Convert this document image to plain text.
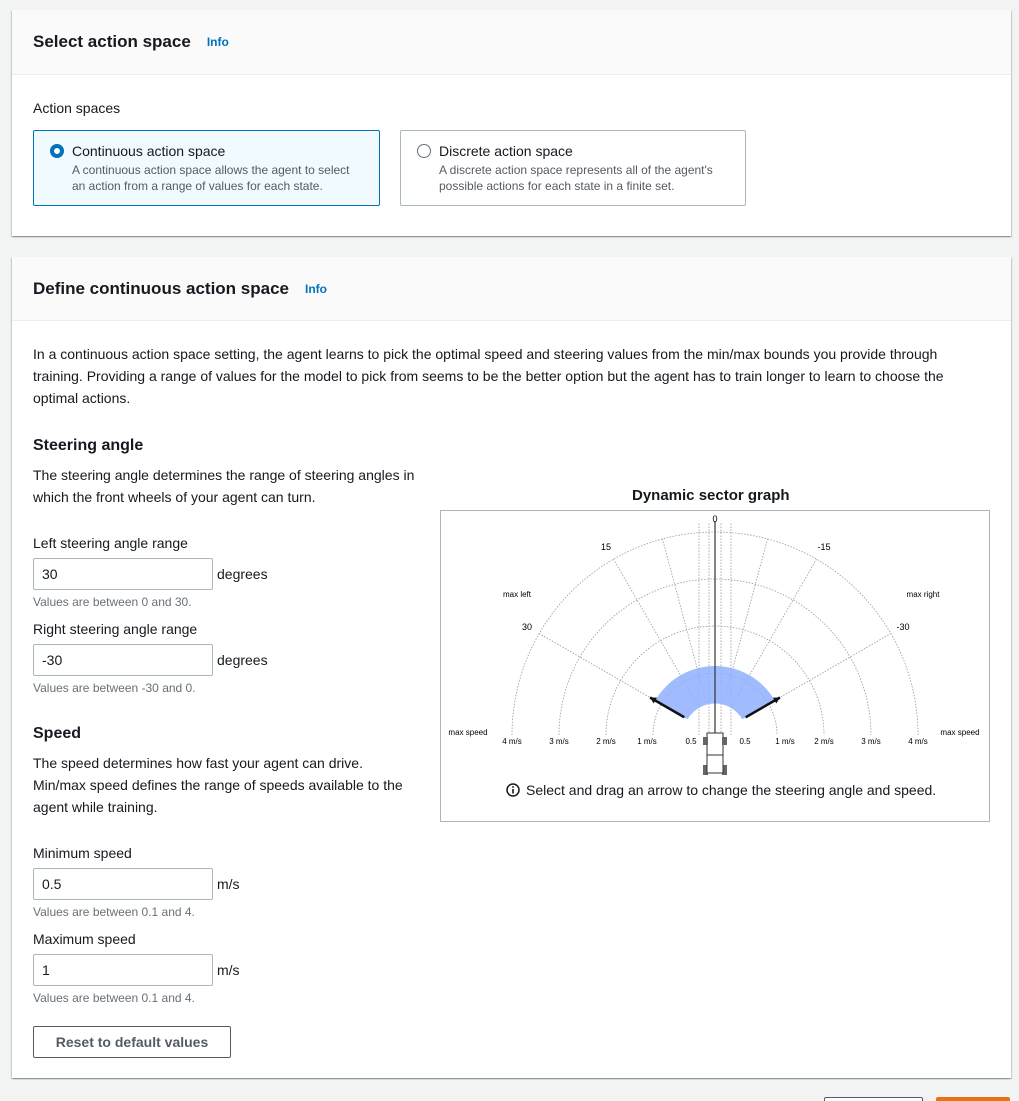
Select action space Info
Action spaces
Continuous action space
A continuous action space allows the agent to select
an action from a range of values for each state.
Discrete action space
A discrete action space represents all of the agent's
possible actions for each state in a finite set.
Define continuous action space Info

In a continuous action space setting, the agent learns to pick the optimal speed and steering values from the min/max bounds you provide through training. Providing a range of values for the model to pick from seems to be the better option but the agent has to train longer to learn to choose the optimal actions.

Steering angle
The steering angle determines the range of steering angles in which the front wheels of your agent can turn.
Left steering angle range
30
degrees
Values are between 0 and 30.
Right steering angle range
-30
degrees
Values are between -30 and 0.
Speed
The speed determines how fast your agent can drive. Min/max speed defines the range of speeds available to the agent while training.
Minimum speed
0.5
m/s
Values are between 0.1 and 4.
Maximum speed
1
m/s
Values are between 0.1 and 4.
Reset to default values
Dynamic sector graph
0
15	-15
30	-30
max left	max right
max speed	max speed
4 m/s	3 m/s	2 m/s	1 m/s	0.5	0.5	1 m/s 2 m/s	3 m/s	4 m/s
Select and drag an arrow to change the steering angle and speed.
